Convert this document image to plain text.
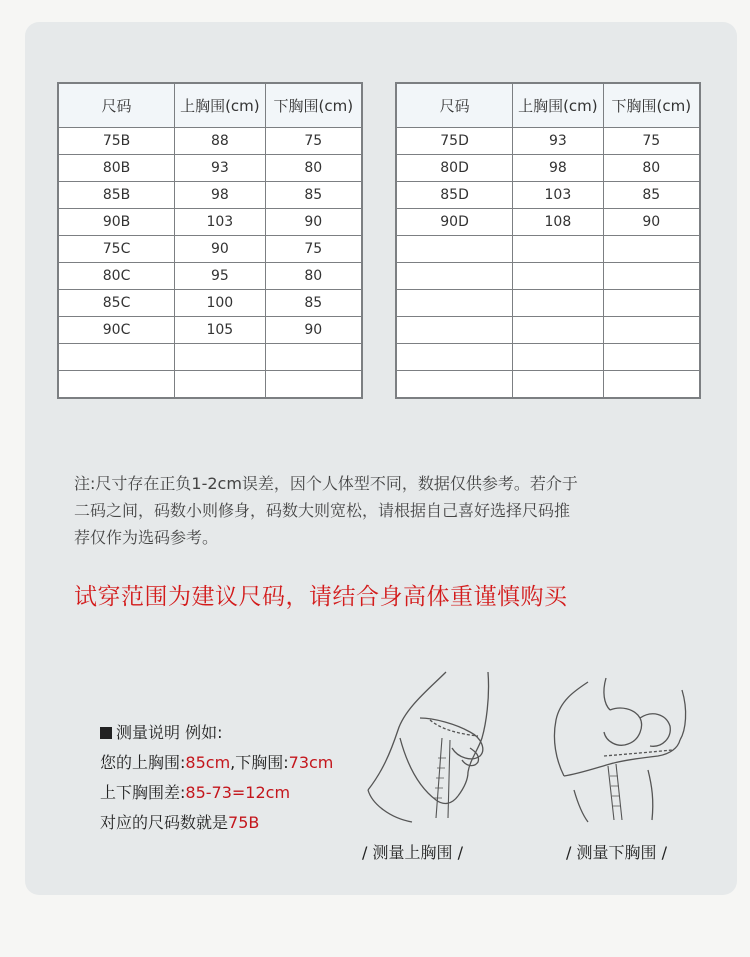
尺码	上胸围(cm)	下胸围(cm)
75B	88	75
80B	93	80
85B	98	85
90B	103	90
75C	90	75
80C	95	80
85C	100	85
90C	105	90

尺码	上胸围(cm)	下胸围(cm)
75D	93	75
80D	98	80
85D	103	85
90D	108	90

注:尺寸存在正负1-2cm误差，因个人体型不同，数据仅供参考。若介于
二码之间，码数小则修身，码数大则宽松，请根据自己喜好选择尺码推
荐仅作为选码参考。
试穿范围为建议尺码，请结合身高体重谨慎购买
测量说明 例如:
您的上胸围:85cm,下胸围:73cm
上下胸围差:85-73=12cm
对应的尺码数就是75B
/ 测量上胸围 /	/ 测量下胸围 /
